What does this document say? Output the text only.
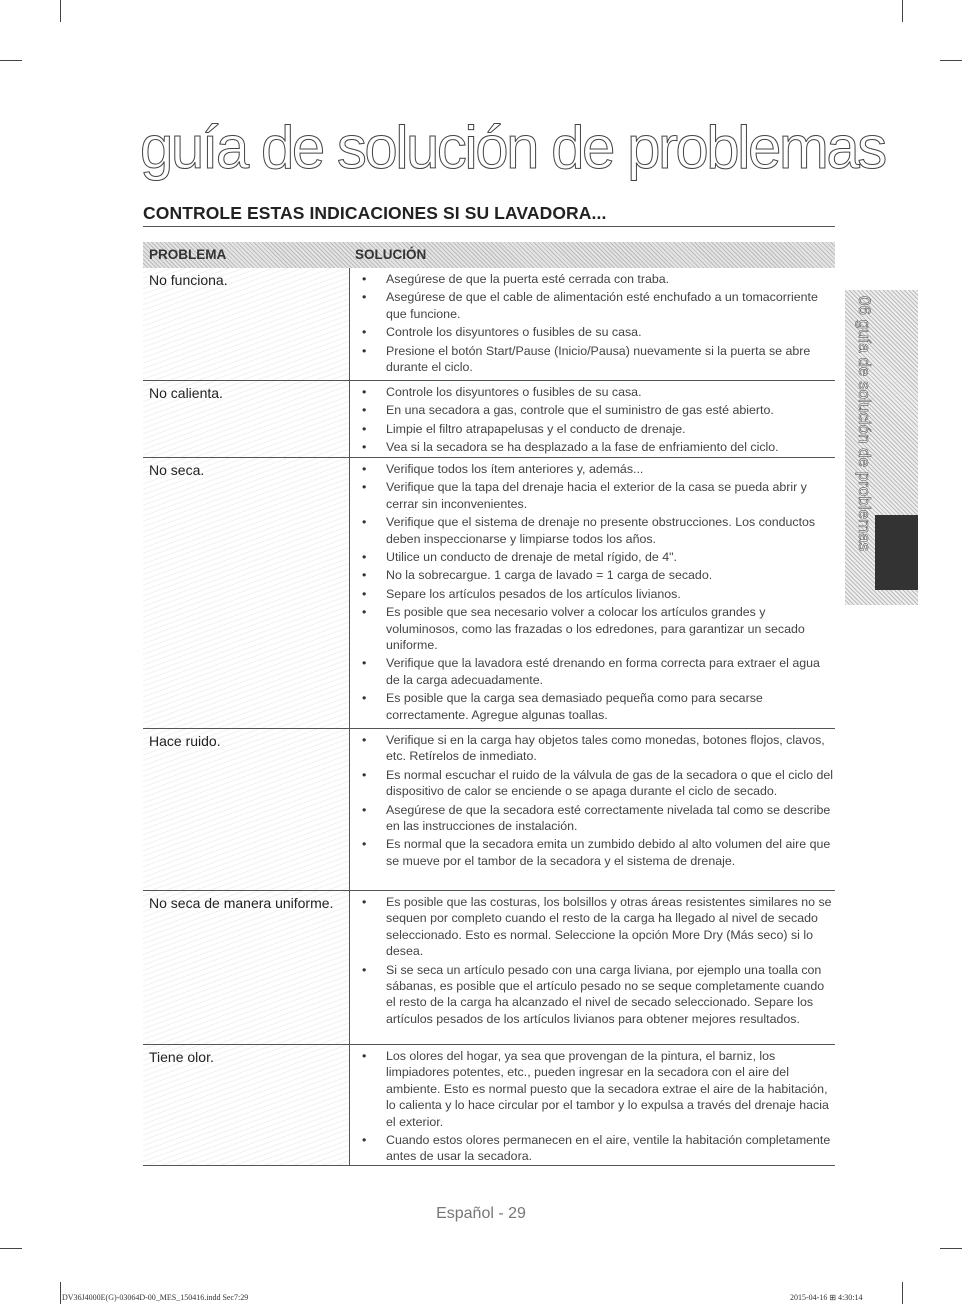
guía de solución de problemas
CONTROLE ESTAS INDICACIONES SI SU LAVADORA...
PROBLEMA	SOLUCIÓN
No funciona.	• Asegúrese de que la puerta esté cerrada con traba.
• Asegúrese de que el cable de alimentación esté enchufado a un tomacorriente que funcione.
• Controle los disyuntores o fusibles de su casa.
• Presione el botón Start/Pause (Inicio/Pausa) nuevamente si la puerta se abre durante el ciclo.
No calienta.	• Controle los disyuntores o fusibles de su casa.
• En una secadora a gas, controle que el suministro de gas esté abierto.
• Limpie el filtro atrapapelusas y el conducto de drenaje.
• Vea si la secadora se ha desplazado a la fase de enfriamiento del ciclo.
No seca.	• Verifique todos los ítem anteriores y, además...
• Verifique que la tapa del drenaje hacia el exterior de la casa se pueda abrir y cerrar sin inconvenientes.
• Verifique que el sistema de drenaje no presente obstrucciones. Los conductos deben inspeccionarse y limpiarse todos los años.
• Utilice un conducto de drenaje de metal rígido, de 4".
• No la sobrecargue. 1 carga de lavado = 1 carga de secado.
• Separe los artículos pesados de los artículos livianos.
• Es posible que sea necesario volver a colocar los artículos grandes y voluminosos, como las frazadas o los edredones, para garantizar un secado uniforme.
• Verifique que la lavadora esté drenando en forma correcta para extraer el agua de la carga adecuadamente.
• Es posible que la carga sea demasiado pequeña como para secarse correctamente. Agregue algunas toallas.
Hace ruido.	• Verifique si en la carga hay objetos tales como monedas, botones flojos, clavos, etc. Retírelos de inmediato.
• Es normal escuchar el ruido de la válvula de gas de la secadora o que el ciclo del dispositivo de calor se enciende o se apaga durante el ciclo de secado.
• Asegúrese de que la secadora esté correctamente nivelada tal como se describe en las instrucciones de instalación.
• Es normal que la secadora emita un zumbido debido al alto volumen del aire que se mueve por el tambor de la secadora y el sistema de drenaje.
No seca de manera uniforme.	• Es posible que las costuras, los bolsillos y otras áreas resistentes similares no se sequen por completo cuando el resto de la carga ha llegado al nivel de secado seleccionado. Esto es normal. Seleccione la opción More Dry (Más seco) si lo desea.
• Si se seca un artículo pesado con una carga liviana, por ejemplo una toalla con sábanas, es posible que el artículo pesado no se seque completamente cuando el resto de la carga ha alcanzado el nivel de secado seleccionado. Separe los artículos pesados de los artículos livianos para obtener mejores resultados.
Tiene olor.	• Los olores del hogar, ya sea que provengan de la pintura, el barniz, los limpiadores potentes, etc., pueden ingresar en la secadora con el aire del ambiente. Esto es normal puesto que la secadora extrae el aire de la habitación, lo calienta y lo hace circular por el tambor y lo expulsa a través del drenaje hacia el exterior.
• Cuando estos olores permanecen en el aire, ventile la habitación completamente antes de usar la secadora.
06 guía de solución de problemas
Español - 29
DV36J4000E(G)-03064D-00_MES_150416.indd Sec7:29	2015-04-16 ⊞ 4:30:14
